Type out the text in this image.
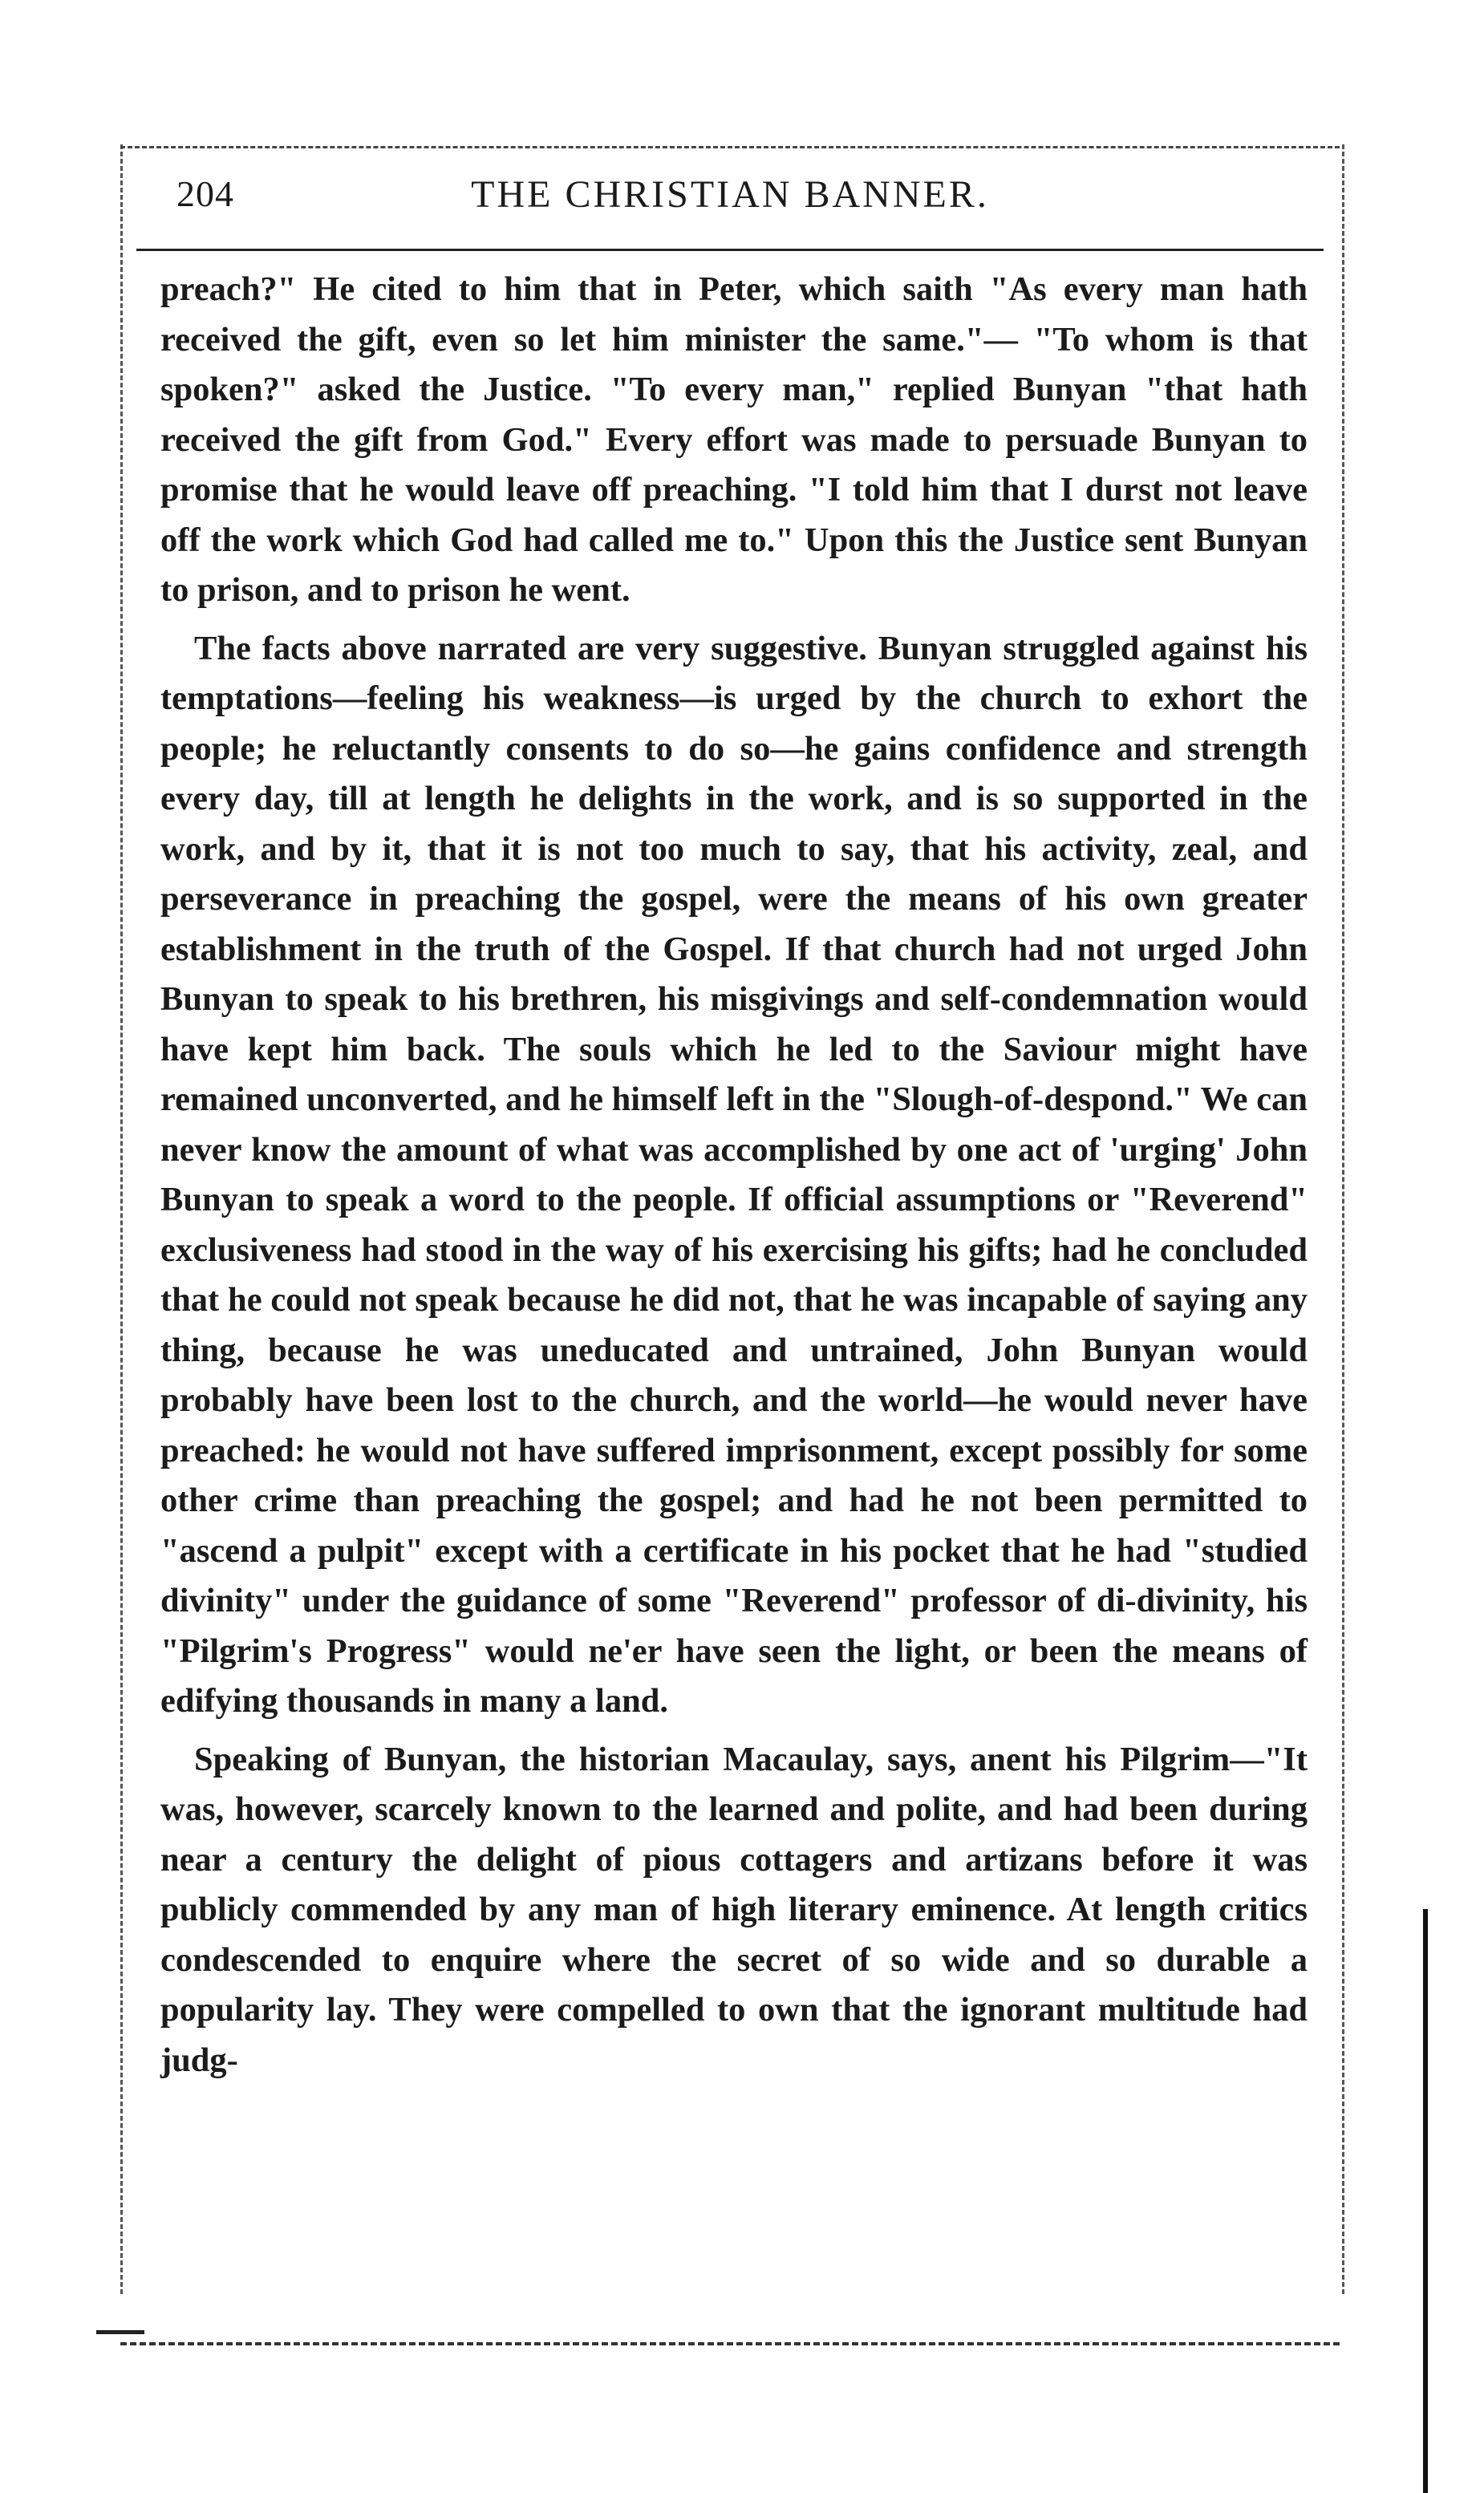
204	THE CHRISTIAN BANNER.

preach?" He cited to him that in Peter, which saith "As every man hath received the gift, even so let him minister the same."— "To whom is that spoken?" asked the Justice. "To every man," replied Bunyan "that hath received the gift from God." Every effort was made to persuade Bunyan to promise that he would leave off preaching. "I told him that I durst not leave off the work which God had called me to." Upon this the Justice sent Bunyan to prison, and to prison he went.

The facts above narrated are very suggestive. Bunyan struggled against his temptations—feeling his weakness—is urged by the church to exhort the people; he reluctantly consents to do so—he gains confidence and strength every day, till at length he delights in the work, and is so supported in the work, and by it, that it is not too much to say, that his activity, zeal, and perseverance in preaching the gospel, were the means of his own greater establishment in the truth of the Gospel. If that church had not urged John Bunyan to speak to his brethren, his misgivings and self-condemnation would have kept him back. The souls which he led to the Saviour might have remained unconverted, and he himself left in the "Slough-of-despond." We can never know the amount of what was accomplished by one act of 'urging' John Bunyan to speak a word to the people. If official assumptions or "Reverend" exclusiveness had stood in the way of his exercising his gifts; had he concluded that he could not speak because he did not, that he was incapable of saying any thing, because he was uneducated and untrained, John Bunyan would probably have been lost to the church, and the world—he would never have preached: he would not have suffered imprisonment, except possibly for some other crime than preaching the gospel; and had he not been permitted to "ascend a pulpit" except with a certificate in his pocket that he had "studied divinity" under the guidance of some "Reverend" professor of di-divinity, his "Pilgrim's Progress" would ne'er have seen the light, or been the means of edifying thousands in many a land.

Speaking of Bunyan, the historian Macaulay, says, anent his Pilgrim—"It was, however, scarcely known to the learned and polite, and had been during near a century the delight of pious cottagers and artizans before it was publicly commended by any man of high literary eminence. At length critics condescended to enquire where the secret of so wide and so durable a popularity lay. They were compelled to own that the ignorant multitude had judg-
